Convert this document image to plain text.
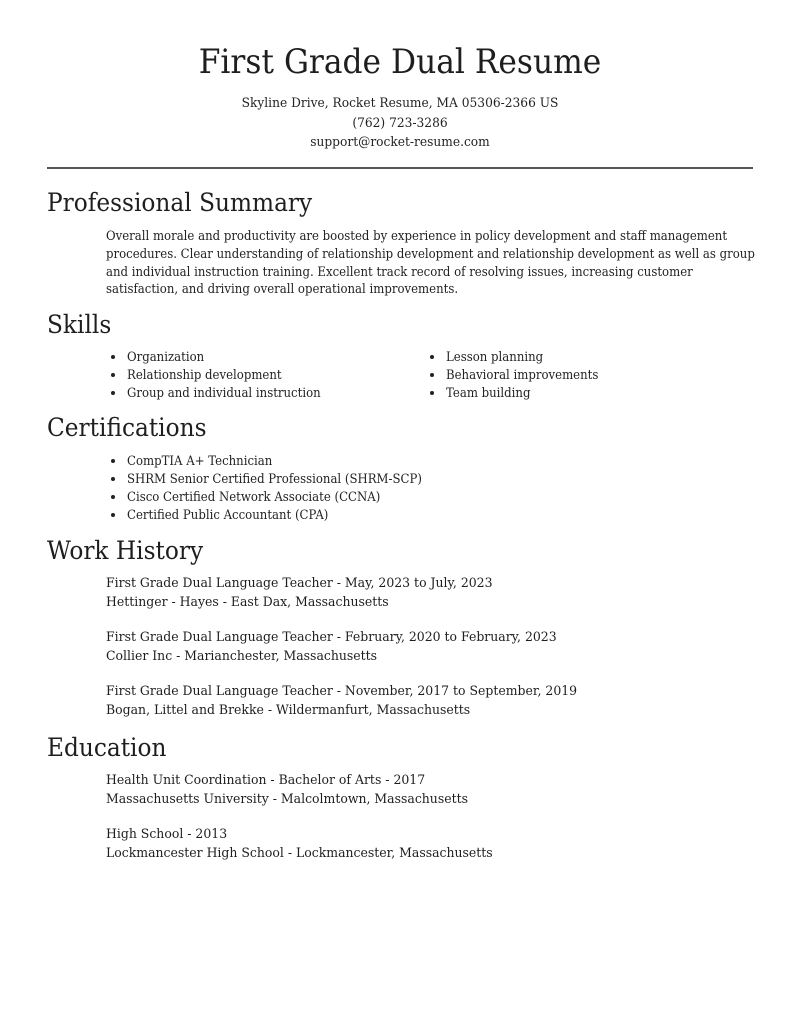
First Grade Dual Resume
Skyline Drive, Rocket Resume, MA 05306-2366 US
(762) 723-3286
support@rocket-resume.com
Professional Summary

Overall morale and productivity are boosted by experience in policy development and staff management procedures. Clear understanding of relationship development and relationship development as well as group and individual instruction training. Excellent track record of resolving issues, increasing customer satisfaction, and driving overall operational improvements.

Skills
Organization
Relationship development
Group and individual instruction
Lesson planning
Behavioral improvements
Team building
Certifications
CompTIA A+ Technician
SHRM Senior Certified Professional (SHRM-SCP)
Cisco Certified Network Associate (CCNA)
Certified Public Accountant (CPA)
Work History
First Grade Dual Language Teacher - May, 2023 to July, 2023
Hettinger - Hayes - East Dax, Massachusetts
First Grade Dual Language Teacher - February, 2020 to February, 2023
Collier Inc - Marianchester, Massachusetts
First Grade Dual Language Teacher - November, 2017 to September, 2019
Bogan, Littel and Brekke - Wildermanfurt, Massachusetts
Education
Health Unit Coordination - Bachelor of Arts - 2017
Massachusetts University - Malcolmtown, Massachusetts
High School - 2013
Lockmancester High School - Lockmancester, Massachusetts
